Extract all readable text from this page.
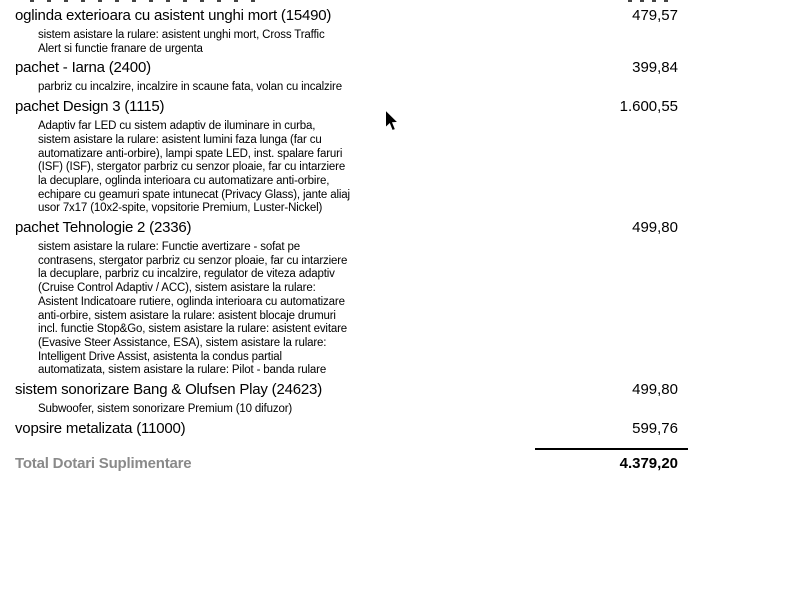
oglinda exterioara cu asistent unghi mort (15490)	479,57
sistem asistare la rulare: asistent unghi mort, Cross Traffic
Alert si functie franare de urgenta
pachet - Iarna (2400)	399,84
parbriz cu incalzire, incalzire in scaune fata, volan cu incalzire
pachet Design 3 (1115)	1.600,55
Adaptiv far LED cu sistem adaptiv de iluminare in curba,
sistem asistare la rulare: asistent lumini faza lunga (far cu
automatizare anti-orbire), lampi spate LED, inst. spalare faruri
(ISF) (ISF), stergator parbriz cu senzor ploaie, far cu intarziere
la decuplare, oglinda interioara cu automatizare anti-orbire,
echipare cu geamuri spate intunecat (Privacy Glass), jante aliaj
usor 7x17 (10x2-spite, vopsitorie Premium, Luster-Nickel)
pachet Tehnologie 2 (2336)	499,80
sistem asistare la rulare: Functie avertizare - sofat pe
contrasens, stergator parbriz cu senzor ploaie, far cu intarziere
la decuplare, parbriz cu incalzire, regulator de viteza adaptiv
(Cruise Control Adaptiv / ACC), sistem asistare la rulare:
Asistent Indicatoare rutiere, oglinda interioara cu automatizare
anti-orbire, sistem asistare la rulare: asistent blocaje drumuri
incl. functie Stop&Go, sistem asistare la rulare: asistent evitare
(Evasive Steer Assistance, ESA), sistem asistare la rulare:
Intelligent Drive Assist, asistenta la condus partial
automatizata, sistem asistare la rulare: Pilot - banda rulare
sistem sonorizare Bang & Olufsen Play (24623)	499,80
Subwoofer, sistem sonorizare Premium (10 difuzor)
vopsire metalizata (11000)	599,76
Total Dotari Suplimentare	4.379,20
